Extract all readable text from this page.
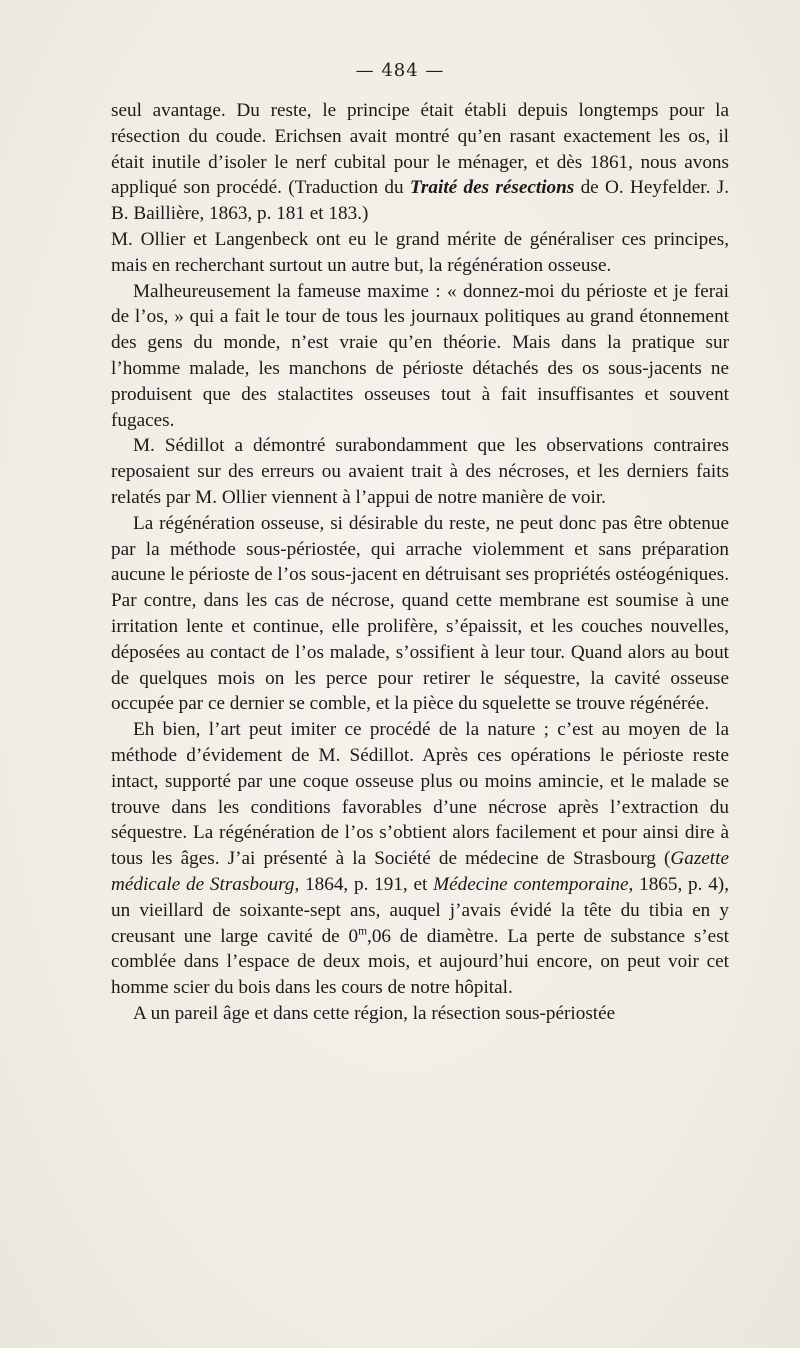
— 484 —

seul avantage. Du reste, le principe était établi depuis longtemps pour la résection du coude. Erichsen avait montré qu’en rasant exactement les os, il était inutile d’isoler le nerf cubital pour le ménager, et dès 1861, nous avons appliqué son procédé. (Traduction du Traité des résections de O. Heyfelder. J. B. Baillière, 1863, p. 181 et 183.)

M. Ollier et Langenbeck ont eu le grand mérite de généraliser ces principes, mais en recherchant surtout un autre but, la régénération osseuse.

Malheureusement la fameuse maxime : « donnez-moi du périoste et je ferai de l’os, » qui a fait le tour de tous les journaux politiques au grand étonnement des gens du monde, n’est vraie qu’en théorie. Mais dans la pratique sur l’homme malade, les manchons de périoste détachés des os sous-jacents ne produisent que des stalactites osseuses tout à fait insuffisantes et souvent fugaces.

M. Sédillot a démontré surabondamment que les observations contraires reposaient sur des erreurs ou avaient trait à des nécroses, et les derniers faits relatés par M. Ollier viennent à l’appui de notre manière de voir.

La régénération osseuse, si désirable du reste, ne peut donc pas être obtenue par la méthode sous-périostée, qui arrache violemment et sans préparation aucune le périoste de l’os sous-jacent en détruisant ses propriétés ostéogéniques. Par contre, dans les cas de nécrose, quand cette membrane est soumise à une irritation lente et continue, elle prolifère, s’épaissit, et les couches nouvelles, déposées au contact de l’os malade, s’ossifient à leur tour. Quand alors au bout de quelques mois on les perce pour retirer le séquestre, la cavité osseuse occupée par ce dernier se comble, et la pièce du squelette se trouve régénérée.

Eh bien, l’art peut imiter ce procédé de la nature ; c’est au moyen de la méthode d’évidement de M. Sédillot. Après ces opérations le périoste reste intact, supporté par une coque osseuse plus ou moins amincie, et le malade se trouve dans les conditions favorables d’une nécrose après l’extraction du séquestre. La régénération de l’os s’obtient alors facilement et pour ainsi dire à tous les âges. J’ai présenté à la Société de médecine de Strasbourg (Gazette médicale de Strasbourg, 1864, p. 191, et Médecine contemporaine, 1865, p. 4), un vieillard de soixante-sept ans, auquel j’avais évidé la tête du tibia en y creusant une large cavité de 0$^m$,06 de diamètre. La perte de substance s’est comblée dans l’espace de deux mois, et aujourd’hui encore, on peut voir cet homme scier du bois dans les cours de notre hôpital.

A un pareil âge et dans cette région, la résection sous-périostée
